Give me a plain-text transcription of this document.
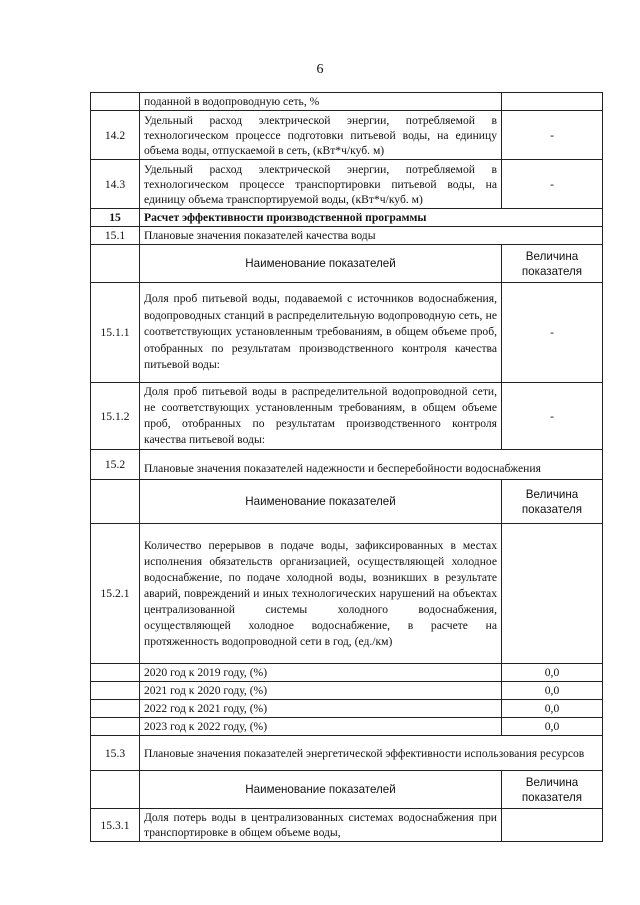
6
	поданной в водопроводную сеть, %	
14.2	Удельный расход электрической энергии, потребляемой в технологическом процессе подготовки питьевой воды, на единицу объема воды, отпускаемой в сеть, (кВт*ч/куб. м)	-
14.3	Удельный расход электрической энергии, потребляемой в технологическом процессе транспортировки питьевой воды, на единицу объема транспортируемой воды, (кВт*ч/куб. м)	-
15	Расчет эффективности производственной программы	
15.1	Плановые значения показателей качества воды	
	Наименование показателей	Величина показателя
15.1.1	Доля проб питьевой воды, подаваемой с источников водоснабжения, водопроводных станций в распределительную водопроводную сеть, не соответствующих установленным требованиям, в общем объеме проб, отобранных по результатам производственного контроля качества питьевой воды:	-
15.1.2	Доля проб питьевой воды в распределительной водопроводной сети, не соответствующих установленным требованиям, в общем объеме проб, отобранных по результатам производственного контроля качества питьевой воды:	-
15.2	Плановые значения показателей надежности и бесперебойности водоснабжения	
	Наименование показателей	Величина показателя
15.2.1	Количество перерывов в подаче воды, зафиксированных в местах исполнения обязательств организацией, осуществляющей холодное водоснабжение, по подаче холодной воды, возникших в результате аварий, повреждений и иных технологических нарушений на объектах централизованной системы холодного водоснабжения, осуществляющей холодное водоснабжение, в расчете на протяженность водопроводной сети в год, (ед./км)	
	2020 год к 2019 году, (%)	0,0
	2021 год к 2020 году, (%)	0,0
	2022 год к 2021 году, (%)	0,0
	2023 год к 2022 году, (%)	0,0
15.3	Плановые значения показателей энергетической эффективности использования ресурсов	
	Наименование показателей	Величина показателя
15.3.1	Доля потерь воды в централизованных системах водоснабжения при транспортировке в общем объеме воды,	
